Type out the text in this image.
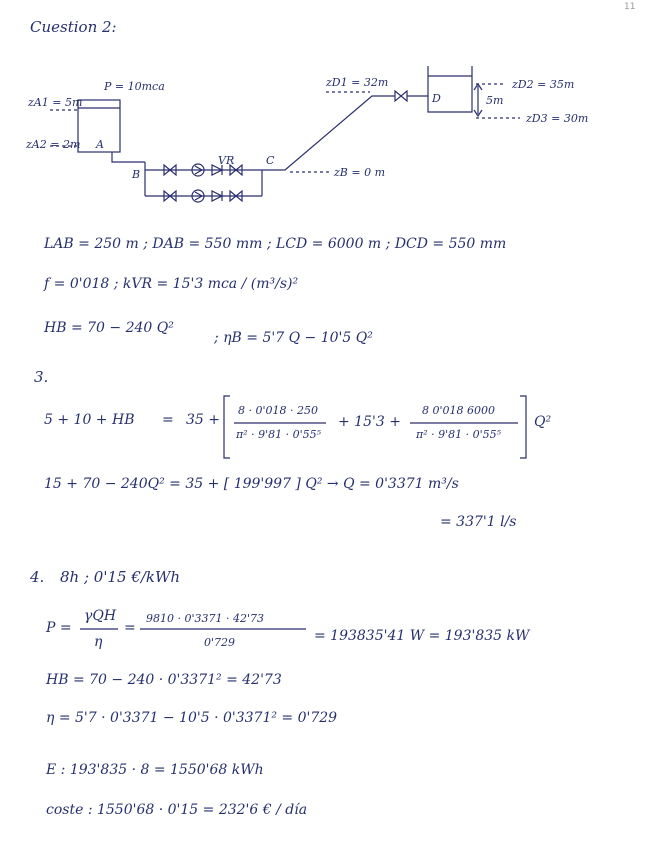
11
Cuestion 2:
P = 10mca
zA1 = 5m
zA2 = 2m A
B
VR	C
zB = 0 m
zD1 = 32m
D
zD2 = 35m
zD3 = 30m
5m
LAB = 250 m ; DAB = 550 mm ; LCD = 6000 m ; DCD = 550 mm
f = 0'018 ; kVR = 15'3 mca / (m³/s)²
HB = 70 − 240 Q²
; ηB = 5'7 Q − 10'5 Q²
3.
5 + 10 + HB = 35 +
8 · 0'018 · 250
π² · 9'81 · 0'55⁵
+ 15'3 +
8 0'018 6000
π² · 9'81 · 0'55⁵
Q²
15 + 70 − 240Q² = 35 + [ 199'997 ] Q² → Q = 0'3371 m³/s
= 337'1 l/s
4. 8h ; 0'15 €/kWh
P =
γQH
η
=
9810 · 0'3371 · 42'73
0'729	= 193835'41 W = 193'835 kW
HB = 70 − 240 · 0'3371² = 42'73
η = 5'7 · 0'3371 − 10'5 · 0'3371² = 0'729
E : 193'835 · 8 = 1550'68 kWh
coste : 1550'68 · 0'15 = 232'6 € / día
